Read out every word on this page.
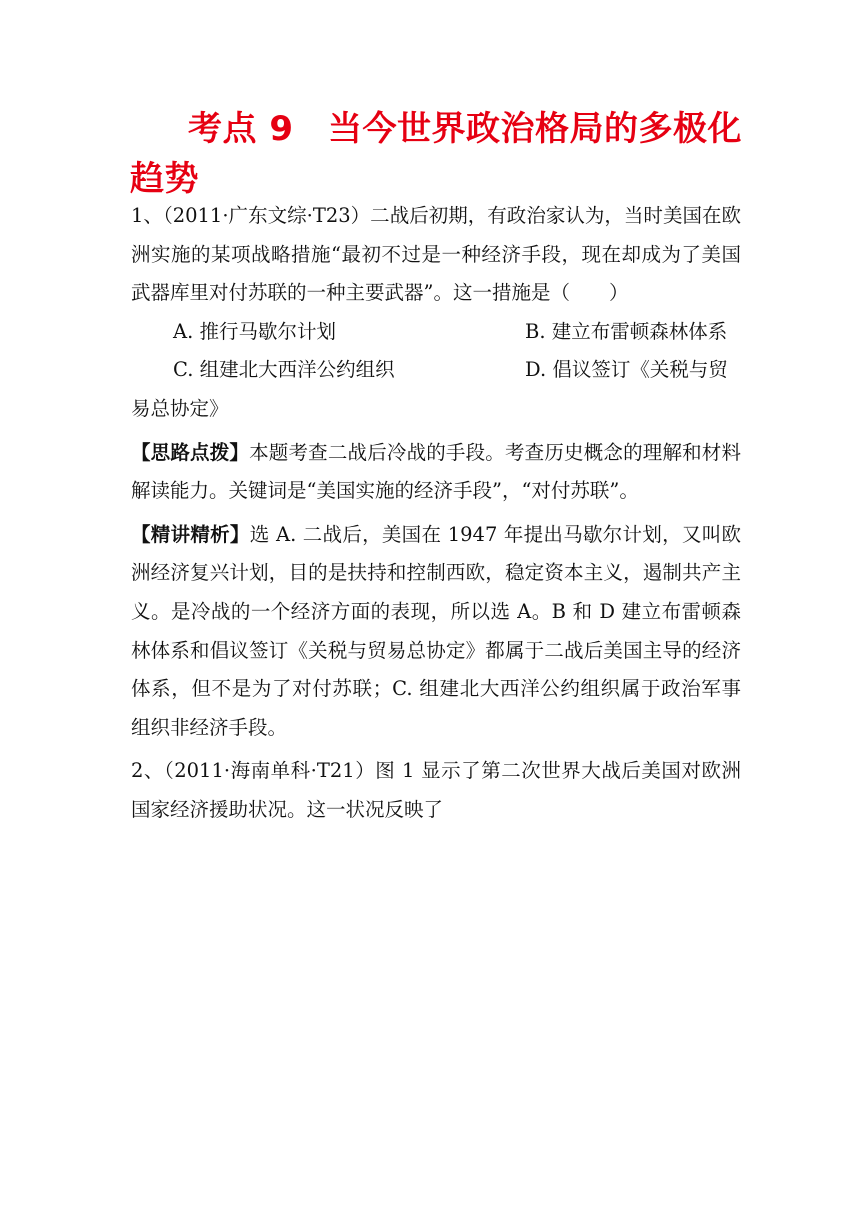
考点 9　当今世界政治格局的多极化趋势

1、（2011·广东文综·T23）二战后初期，有政治家认为，当时美国在欧洲实施的某项战略措施“最初不过是一种经济手段，现在却成为了美国武器库里对付苏联的一种主要武器”。这一措施是（　　）

A. 推行马歇尔计划	B. 建立布雷顿森林体系

C. 组建北大西洋公约组织	D. 倡议签订《关税与贸

易总协定》

【思路点拨】本题考查二战后冷战的手段。考查历史概念的理解和材料解读能力。关键词是“美国实施的经济手段”，“对付苏联”。

【精讲精析】选 A. 二战后，美国在 1947 年提出马歇尔计划，又叫欧洲经济复兴计划，目的是扶持和控制西欧，稳定资本主义，遏制共产主义。是冷战的一个经济方面的表现，所以选 A。B 和 D 建立布雷顿森林体系和倡议签订《关税与贸易总协定》都属于二战后美国主导的经济体系，但不是为了对付苏联；C. 组建北大西洋公约组织属于政治军事组织非经济手段。

2、（2011·海南单科·T21）图 1 显示了第二次世界大战后美国对欧洲国家经济援助状况。这一状况反映了
